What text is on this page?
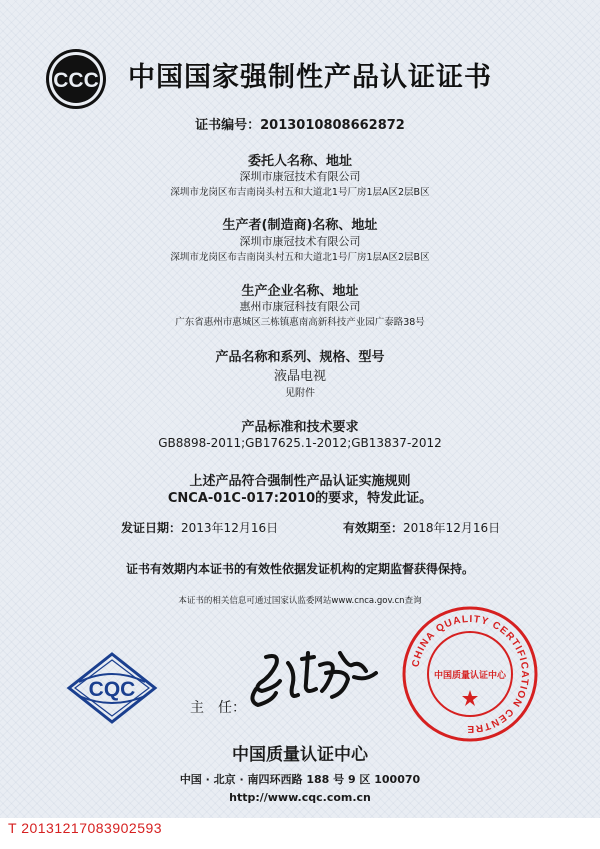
CCC 中国国家强制性产品认证证书
证书编号：2013010808662872
委托人名称、地址
深圳市康冠技术有限公司
深圳市龙岗区布吉南岗头村五和大道北1号厂房1层A区2层B区
生产者(制造商)名称、地址
深圳市康冠技术有限公司
深圳市龙岗区布吉南岗头村五和大道北1号厂房1层A区2层B区
生产企业名称、地址
惠州市康冠科技有限公司
广东省惠州市惠城区三栋镇惠南高新科技产业园广泰路38号
产品名称和系列、规格、型号
液晶电视
见附件
产品标准和技术要求
GB8898-2011;GB17625.1-2012;GB13837-2012
上述产品符合强制性产品认证实施规则
CNCA-01C-017:2010的要求，特发此证。
发证日期：2013年12月16日	有效期至：2018年12月16日
证书有效期内本证书的有效性依据发证机构的定期监督获得保持。
本证书的相关信息可通过国家认监委网站www.cnca.gov.cn查询
CQC
主　任：
CHINA QUALITY CERTIFICATION CENTRE
中国质量认证中心
中国质量认证中心
中国 · 北京 · 南四环西路 188 号 9 区 100070
http://www.cqc.com.cn
T 20131217083902593
